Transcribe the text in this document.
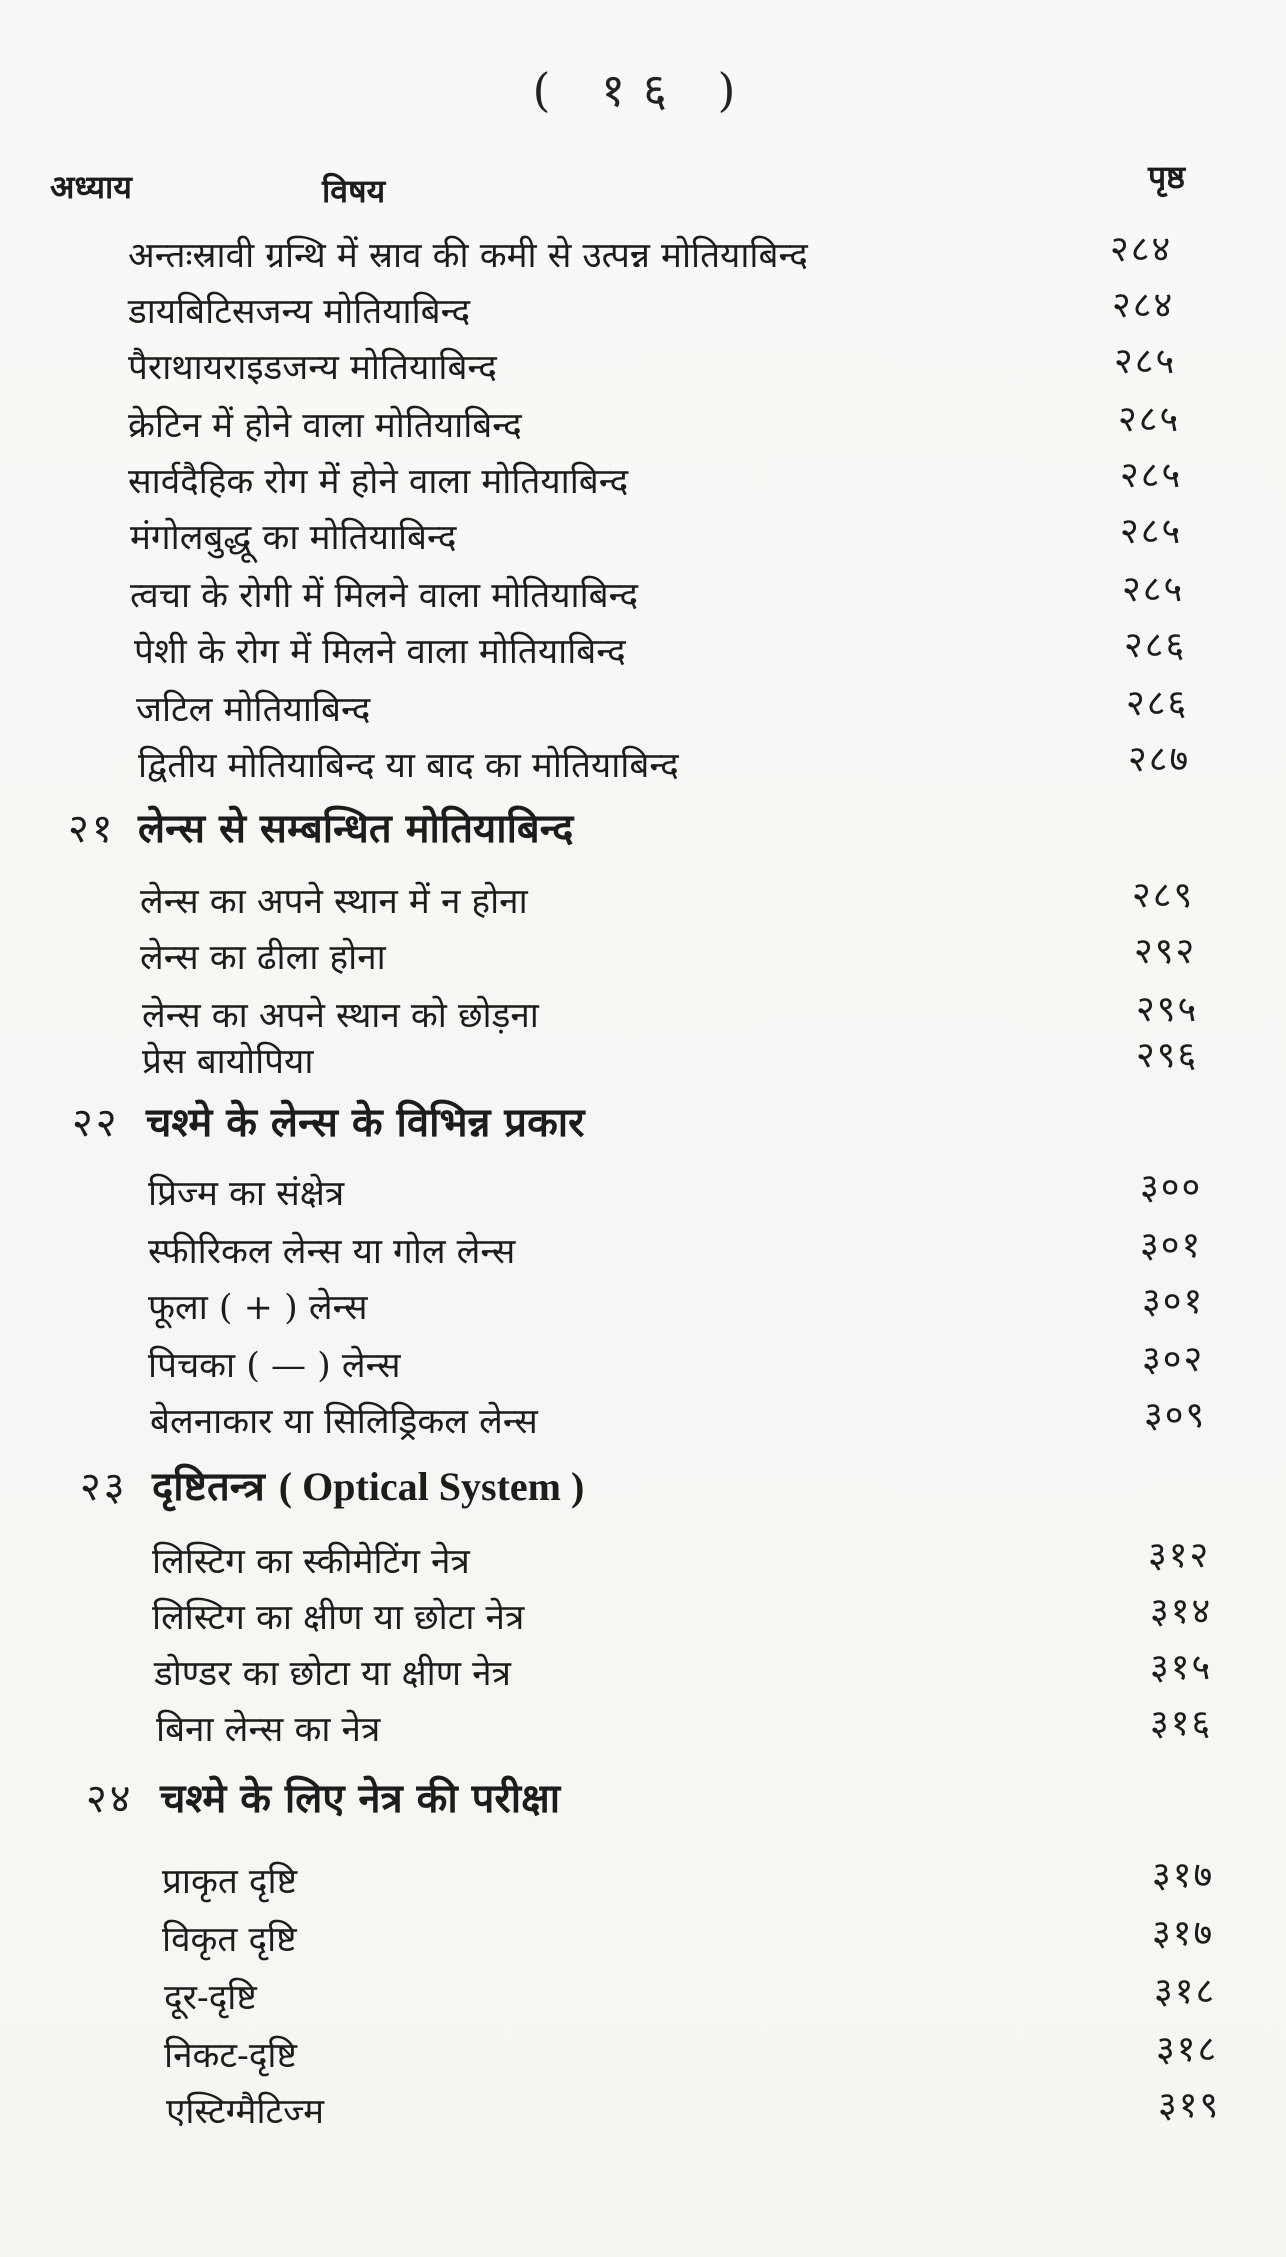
( १६ )
अध्याय	विषय	पृष्ठ
अन्तःस्रावी ग्रन्थि में स्राव की कमी से उत्पन्न मोतियाबिन्द	२८४
डायबिटिसजन्य मोतियाबिन्द	२८४
पैराथायराइडजन्य मोतियाबिन्द	२८५
क्रेटिन में होने वाला मोतियाबिन्द	२८५
सार्वदैहिक रोग में होने वाला मोतियाबिन्द	२८५
मंगोलबुद्धू का मोतियाबिन्द	२८५
त्वचा के रोगी में मिलने वाला मोतियाबिन्द	२८५
पेशी के रोग में मिलने वाला मोतियाबिन्द	२८६
जटिल मोतियाबिन्द	२८६
द्वितीय मोतियाबिन्द या बाद का मोतियाबिन्द	२८७
२१ लेन्स से सम्बन्धित मोतियाबिन्द
लेन्स का अपने स्थान में न होना	२८९
लेन्स का ढीला होना	२९२
लेन्स का अपने स्थान को छोड़ना	२९५
प्रेस बायोपिया	२९६
२२ चश्मे के लेन्स के विभिन्न प्रकार
प्रिज्म का संक्षेत्र	३००
स्फीरिकल लेन्स या गोल लेन्स	३०१
फूला ( + ) लेन्स	३०१
पिचका ( — ) लेन्स	३०२
बेलनाकार या सिलिड्रिकल लेन्स	३०९
२३ दृष्टितन्त्र ( Optical System )
लिस्टिग का स्कीमेटिंग नेत्र	३१२
लिस्टिग का क्षीण या छोटा नेत्र	३१४
डोण्डर का छोटा या क्षीण नेत्र	३१५
बिना लेन्स का नेत्र	३१६
२४ चश्मे के लिए नेत्र की परीक्षा
प्राकृत दृष्टि	३१७
विकृत दृष्टि	३१७
दूर-दृष्टि	३१८
निकट-दृष्टि	३१८
एस्टिग्मैटिज्म	३१९
